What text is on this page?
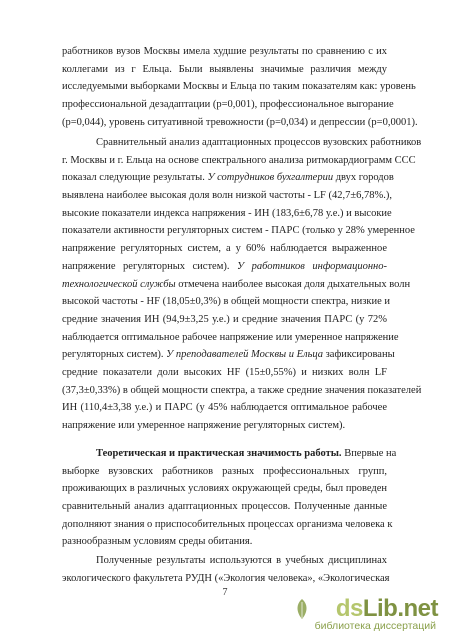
работников вузов Москвы имела худшие результаты по сравнению с их
коллегами из г Ельца. Были выявлены значимые различия между
исследуемыми выборками Москвы и Ельца по таким показателям как: уровень
профессиональной дезадаптации (p=0,001), профессиональное выгорание
(p=0,044), уровень ситуативной тревожности (p=0,034) и депрессии (p=0,0001).
Сравнительный анализ адаптационных процессов вузовских работников
г. Москвы и г. Ельца на основе спектрального анализа ритмокардиограмм ССС
показал следующие результаты. У сотрудников бухгалтерии двух городов
выявлена наиболее высокая доля волн низкой частоты - LF (42,7±6,78%.),
высокие показатели индекса напряжения - ИН (183,6±6,78 у.е.) и высокие
показатели активности регуляторных систем - ПАРС (только у 28% умеренное
напряжение регуляторных систем, а у 60% наблюдается выраженное
напряжение регуляторных систем). У работников информационно-
технологической службы отмечена наиболее высокая доля дыхательных волн
высокой частоты - HF (18,05±0,3%) в общей мощности спектра, низкие и
средние значения ИН (94,9±3,25 у.е.) и средние значения ПАРС (у 72%
наблюдается оптимальное рабочее напряжение или умеренное напряжение
регуляторных систем). У преподавателей Москвы и Ельца зафиксированы
средние показатели доли высоких HF (15±0,55%) и низких волн LF
(37,3±0,33%) в общей мощности спектра, а также средние значения показателей
ИН (110,4±3,38 у.е.) и ПАРС (у 45% наблюдается оптимальное рабочее
напряжение или умеренное напряжение регуляторных систем).
Теоретическая и практическая значимость работы. Впервые на
выборке вузовских работников разных профессиональных групп,
проживающих в различных условиях окружающей среды, был проведен
сравнительный анализ адаптационных процессов. Полученные данные
дополняют знания о приспособительных процессах организма человека к
разнообразным условиям среды обитания.
Полученные результаты используются в учебных дисциплинах
экологического факультета РУДН («Экология человека», «Экологическая
7
dsLib.net
библиотека диссертаций
